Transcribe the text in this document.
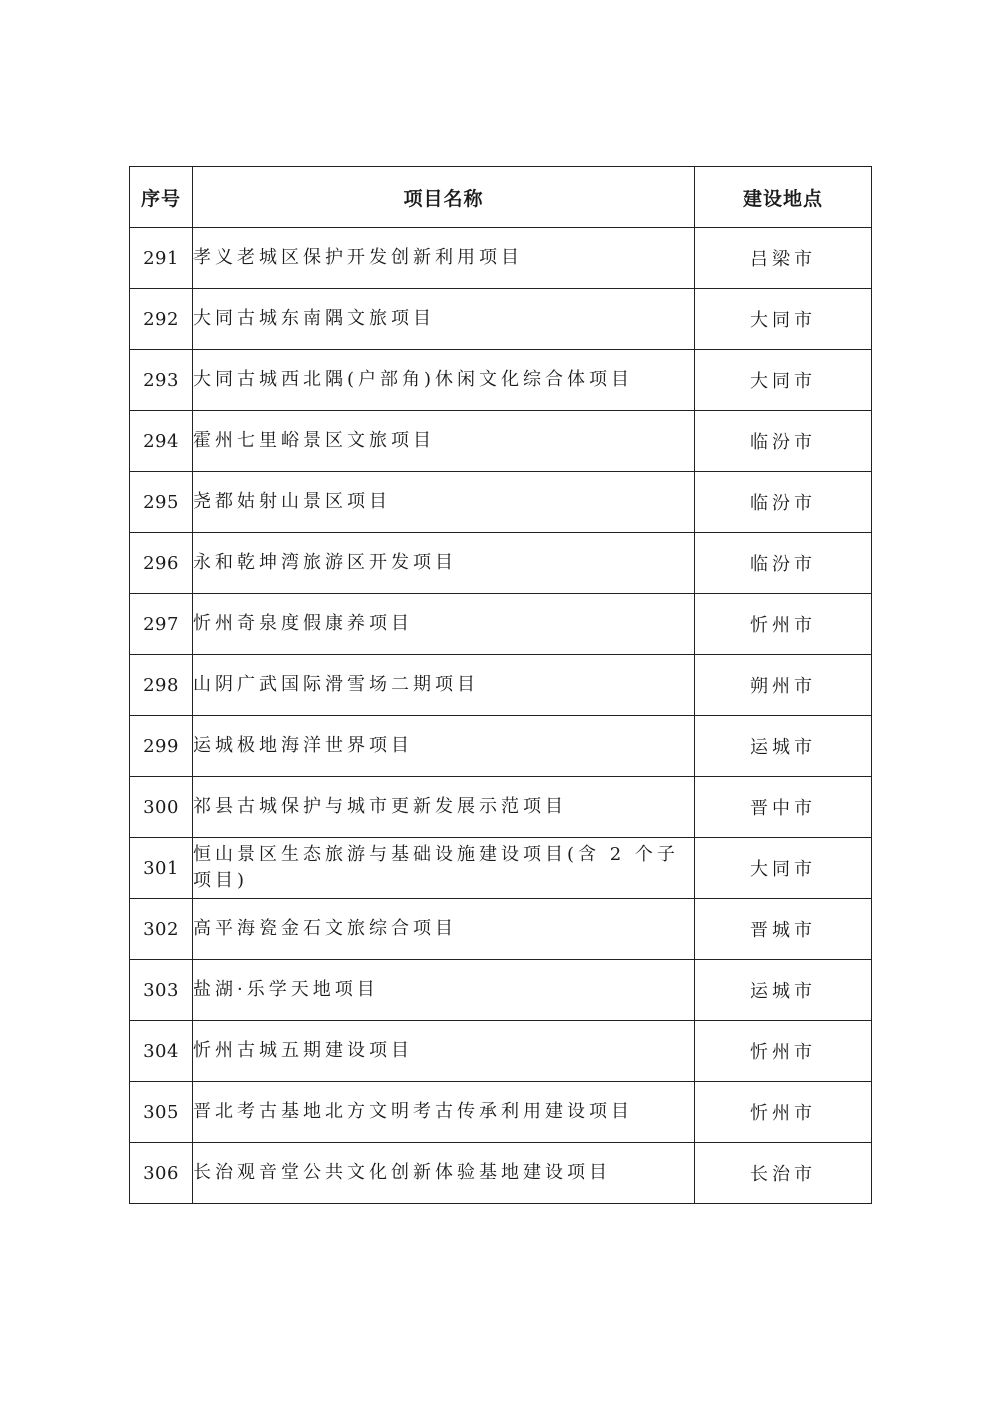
序号	项目名称	建设地点
291	孝义老城区保护开发创新利用项目	吕梁市
292	大同古城东南隅文旅项目	大同市
293	大同古城西北隅(户部角)休闲文化综合体项目	大同市
294	霍州七里峪景区文旅项目	临汾市
295	尧都姑射山景区项目	临汾市
296	永和乾坤湾旅游区开发项目	临汾市
297	忻州奇泉度假康养项目	忻州市
298	山阴广武国际滑雪场二期项目	朔州市
299	运城极地海洋世界项目	运城市
300	祁县古城保护与城市更新发展示范项目	晋中市
301	恒山景区生态旅游与基础设施建设项目(含 2 个子项目)	大同市
302	高平海瓷金石文旅综合项目	晋城市
303	盐湖·乐学天地项目	运城市
304	忻州古城五期建设项目	忻州市
305	晋北考古基地北方文明考古传承利用建设项目	忻州市
306	长治观音堂公共文化创新体验基地建设项目	长治市
